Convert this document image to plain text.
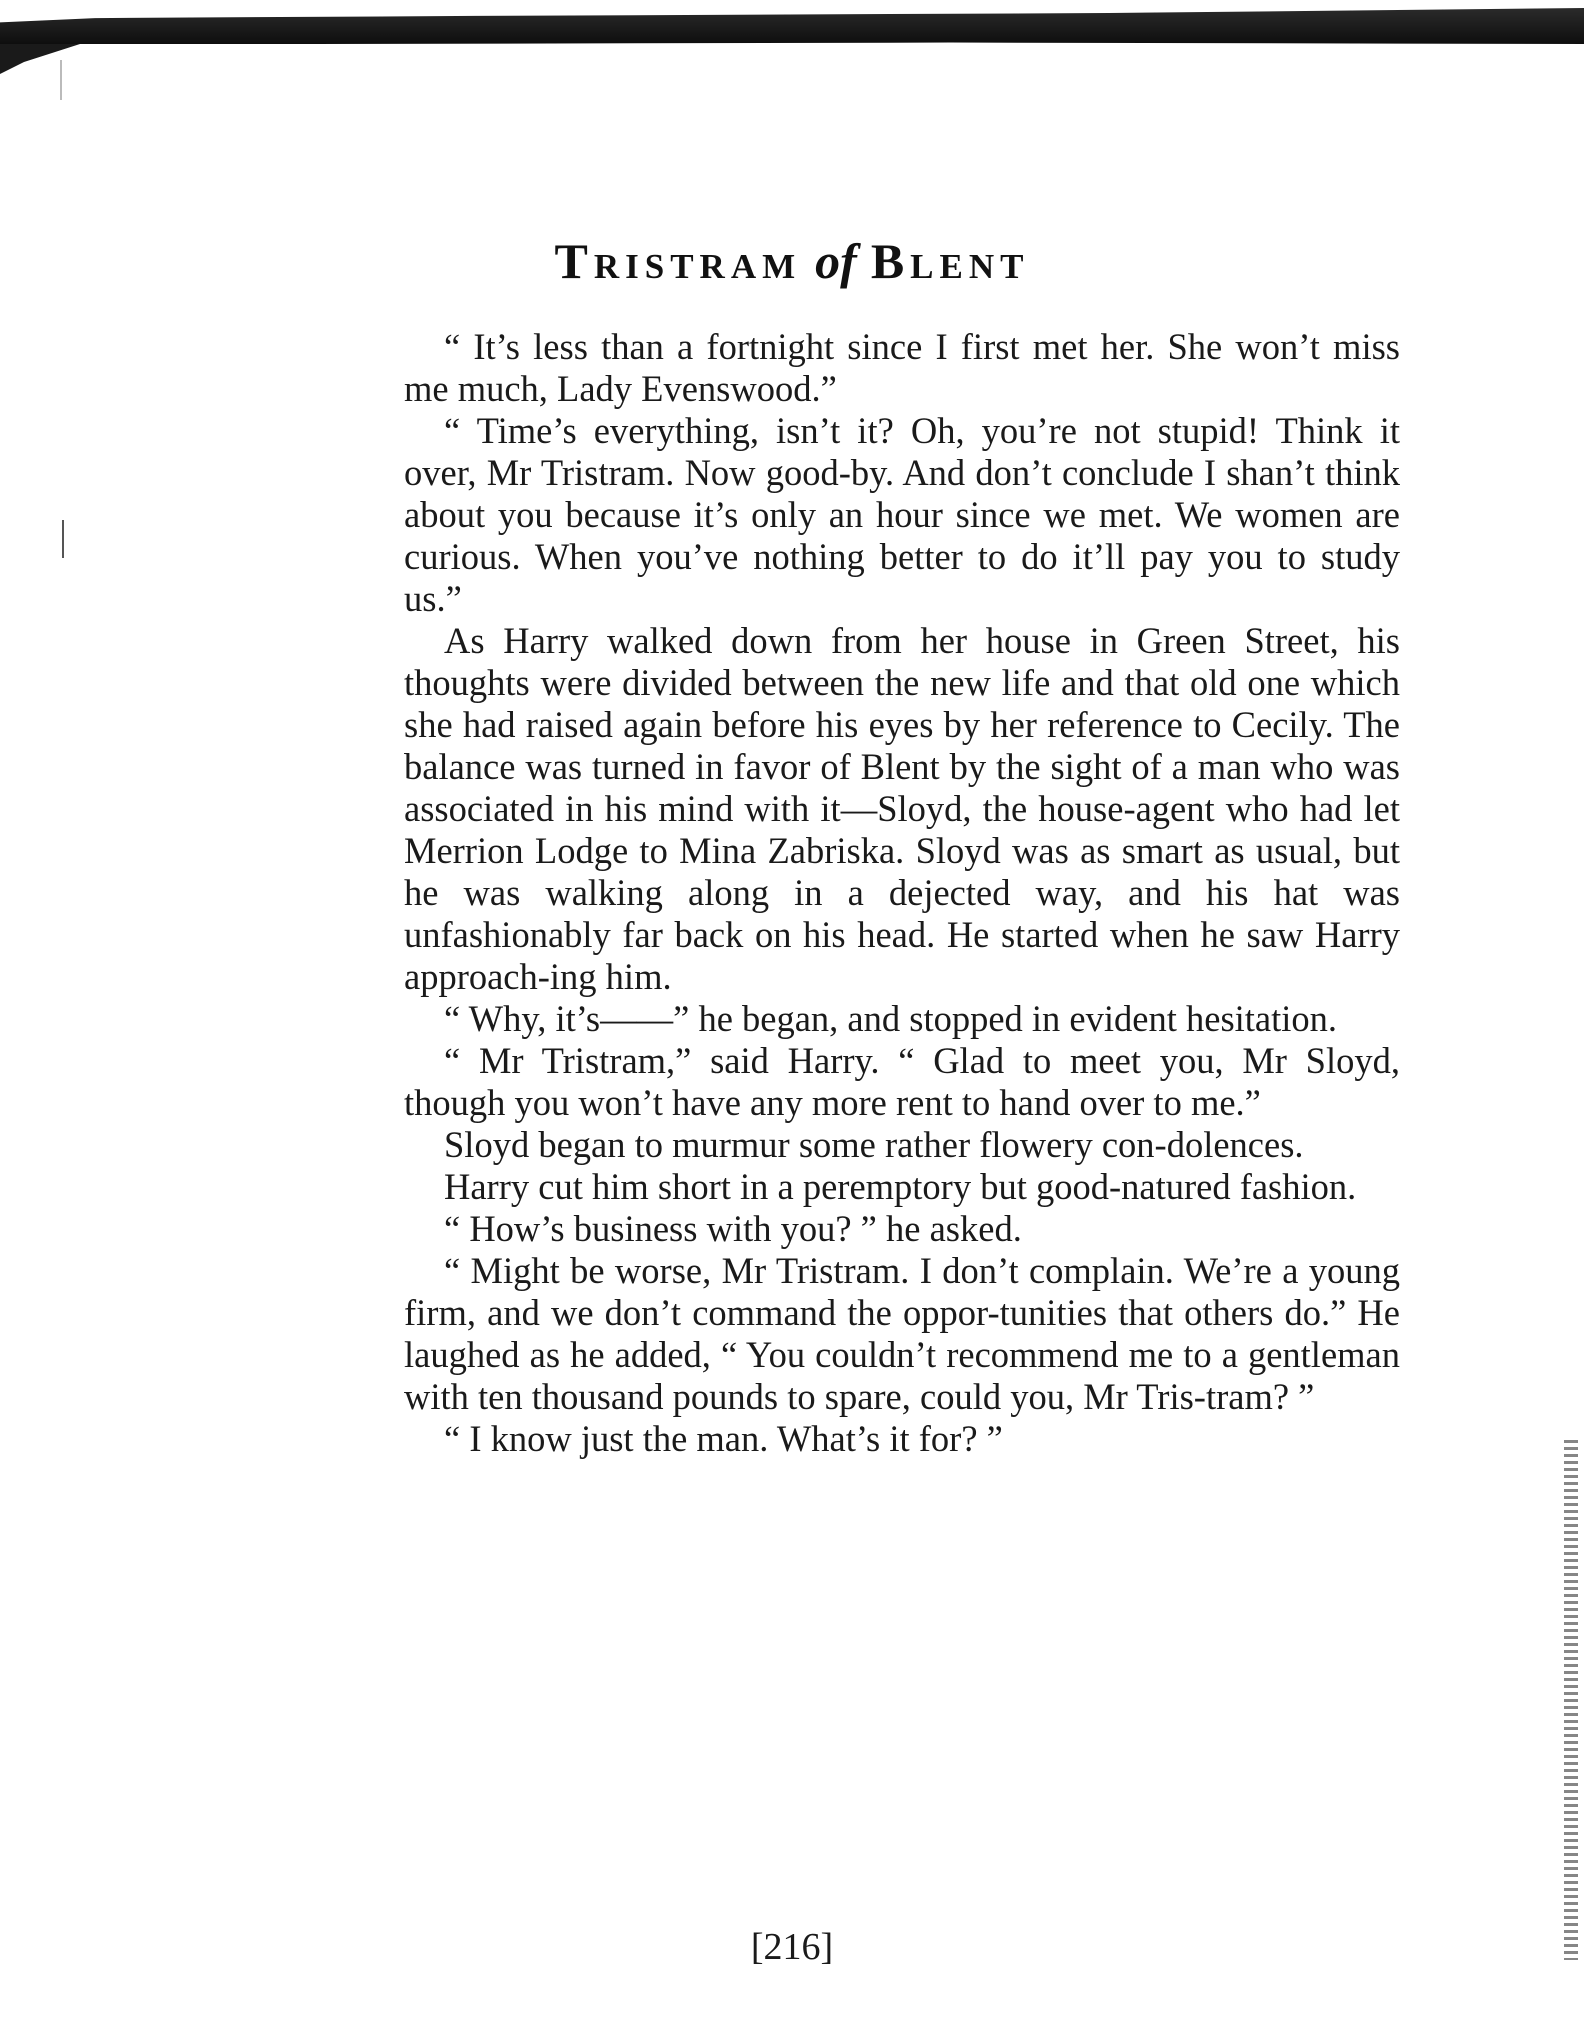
Tristram of Blent

“ It’s less than a fortnight since I first met her. She won’t miss me much, Lady Evenswood.”

“ Time’s everything, isn’t it? Oh, you’re not stupid! Think it over, Mr Tristram. Now good-by. And don’t conclude I shan’t think about you because it’s only an hour since we met. We women are curious. When you’ve nothing better to do it’ll pay you to study us.”

As Harry walked down from her house in Green Street, his thoughts were divided between the new life and that old one which she had raised again before his eyes by her reference to Cecily. The balance was turned in favor of Blent by the sight of a man who was associated in his mind with it—Sloyd, the house-agent who had let Merrion Lodge to Mina Zabriska. Sloyd was as smart as usual, but he was walking along in a dejected way, and his hat was unfashionably far back on his head. He started when he saw Harry approach-ing him.

“ Why, it’s——” he began, and stopped in evident hesitation.

“ Mr Tristram,” said Harry. “ Glad to meet you, Mr Sloyd, though you won’t have any more rent to hand over to me.”

Sloyd began to murmur some rather flowery con-dolences.

Harry cut him short in a peremptory but good-natured fashion.

“ How’s business with you? ” he asked.

“ Might be worse, Mr Tristram. I don’t complain. We’re a young firm, and we don’t command the oppor-tunities that others do.” He laughed as he added, “ You couldn’t recommend me to a gentleman with ten thousand pounds to spare, could you, Mr Tris-tram? ”

“ I know just the man. What’s it for? ”

[216]
